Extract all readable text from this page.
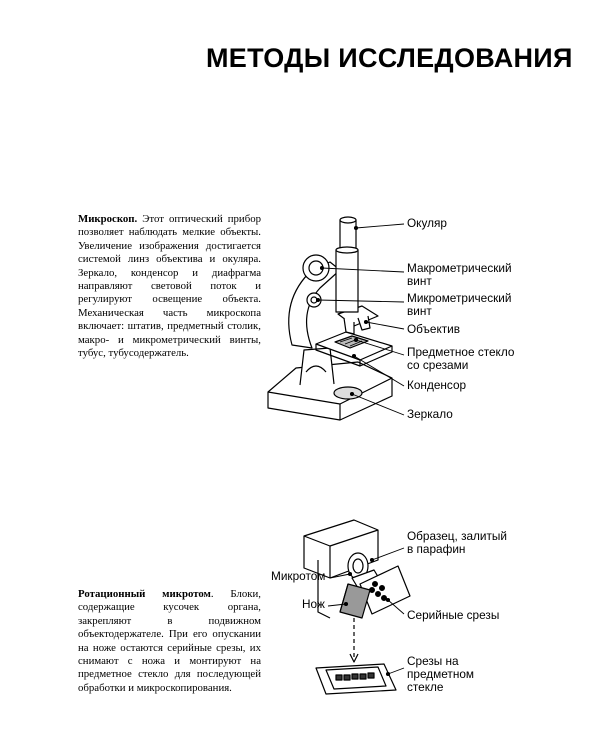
МЕТОДЫ ИССЛЕДОВАНИЯ
Микроскоп. Этот оптический прибор позволяет наблюдать мелкие объекты. Увеличение изображения достигается системой линз объектива и окуляра. Зеркало, конденсор и диафрагма направляют световой поток и регулируют освещение объекта. Механическая часть микроскопа включает: штатив, предметный столик, макро- и микрометрический винты, тубус, тубусодержатель.
Ротационный микротом. Блоки, содержащие кусочек органа, закрепляют в подвижном объектодержателе. При его опускании на ноже остаются серийные срезы, их снимают с ножа и монтируют на предметное стекло для последующей обработки и микроскопирования.
Окуляр
Макрометрический
винт
Микрометрический
винт
Объектив
Предметное стекло
со срезами
Конденсор
Зеркало
Образец, залитый
в парафин
Микротом
Нож
Серийные срезы
Срезы на
предметном
стекле
